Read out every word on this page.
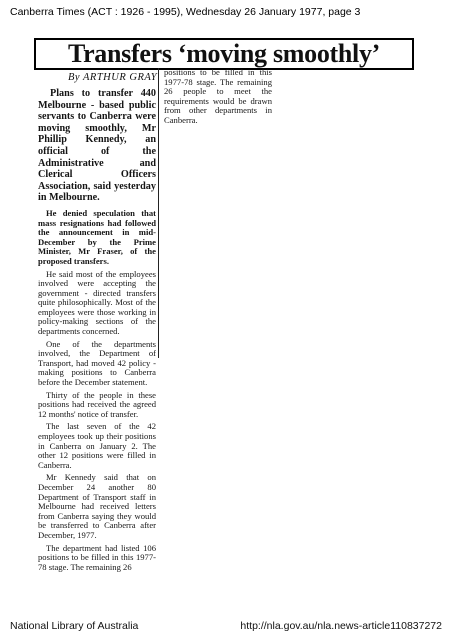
Canberra Times (ACT : 1926 - 1995), Wednesday 26 January 1977, page 3
Transfers ‘moving smoothly’
By ARTHUR GRAY

Plans to transfer 440 Melbourne - based public servants to Canberra were moving smoothly, Mr Phillip Kennedy, an official of the Administrative and Clerical Officers Association, said yesterday in Melbourne.

He denied speculation that mass resignations had followed the announcement in mid-December by the Prime Minister, Mr Fraser, of the proposed transfers.

He said most of the employees involved were accepting the government - directed transfers quite philosophically. Most of the employees were those working in policy-making sections of the departments concerned.

One of the departments involved, the Department of Transport, had moved 42 policy - making positions to Canberra before the December statement.

Thirty of the people in these positions had received the agreed 12 months' notice of transfer.

The last seven of the 42 employees took up their positions in Canberra on January 2. The other 12 positions were filled in Canberra.

Mr Kennedy said that on December 24 another 80 Department of Transport staff in Melbourne had received letters from Canberra saying they would be transferred to Canberra after December, 1977.

The department had listed 106 positions to be filled in this 1977-78 stage. The remaining 26

positions to be filled in this 1977-78 stage. The remaining 26 people to meet the requirements would be drawn from other departments in Canberra.

National Library of Australia	http://nla.gov.au/nla.news-article110837272
